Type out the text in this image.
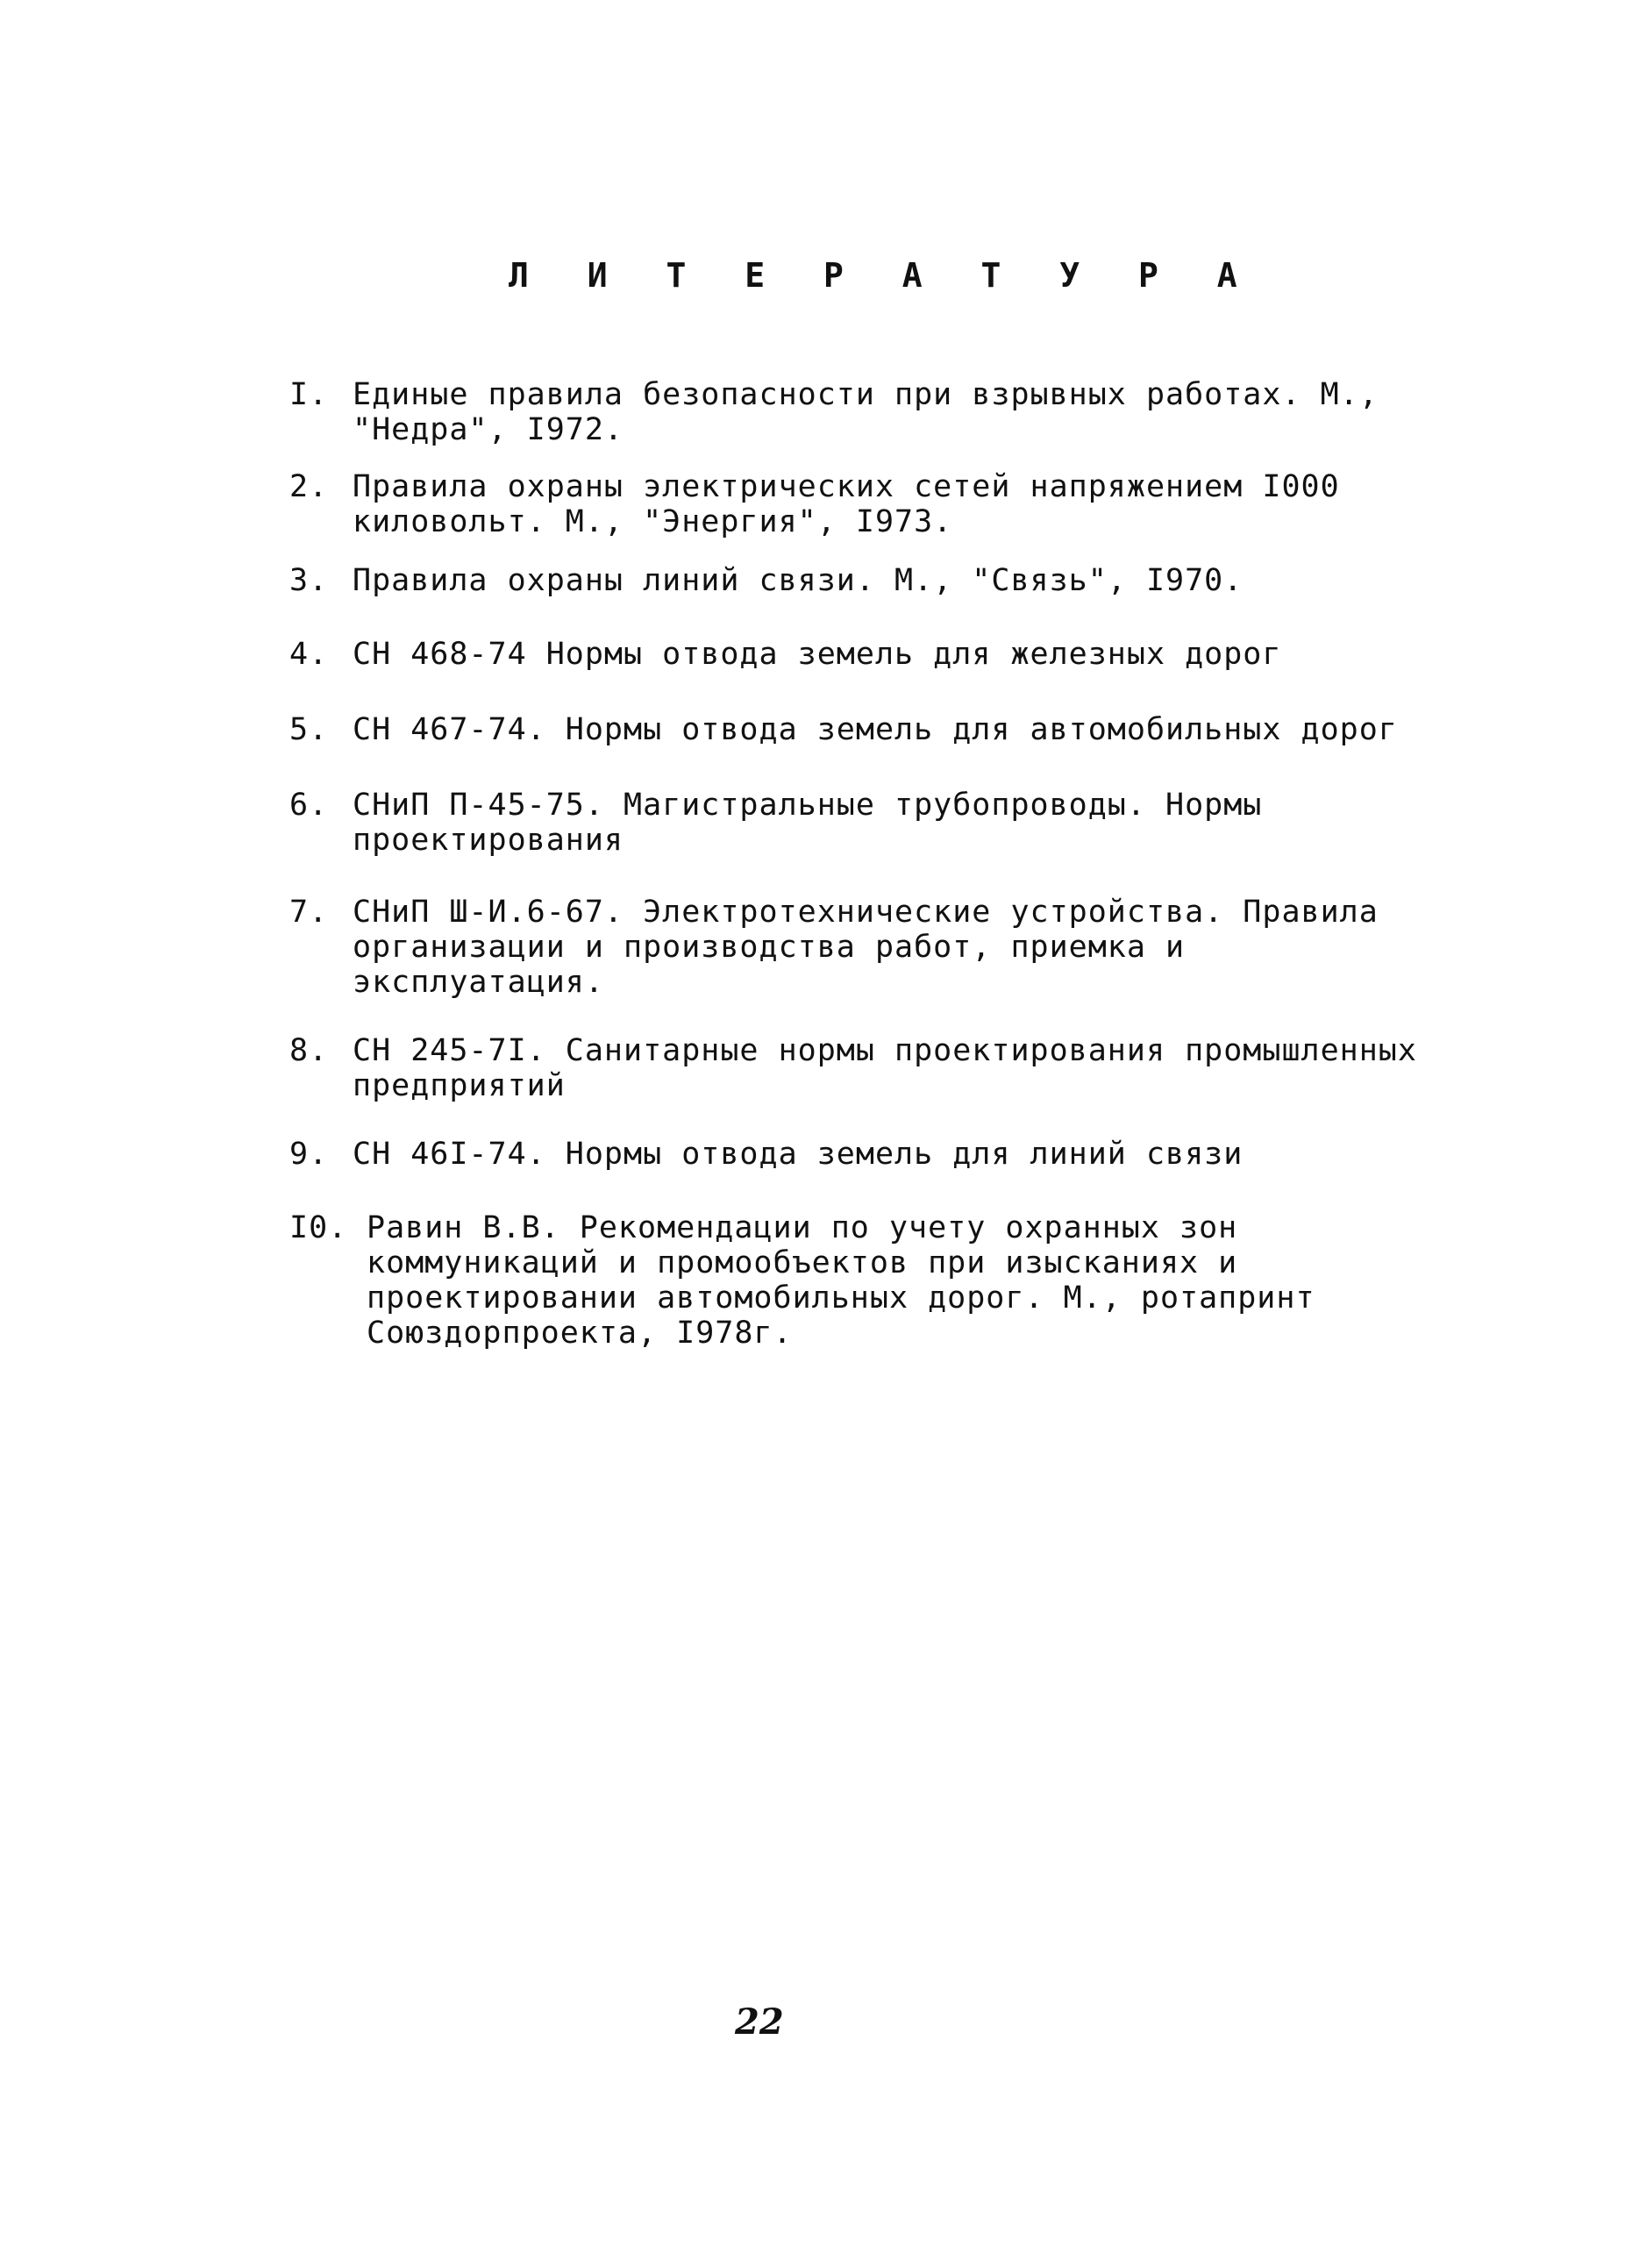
Л И Т Е Р А Т У Р А
I. Единые правила безопасности при взрывных работах. М., "Недра", I972.
2. Правила охраны электрических сетей напряжением I000 киловольт. М., "Энергия", I973.
3. Правила охраны линий связи. М., "Связь", I970.
4. СН 468-74 Нормы отвода земель для железных дорог
5. СН 467-74. Нормы отвода земель для автомобильных дорог
6. СНиП П-45-75. Магистральные трубопроводы. Нормы проектирования
7. СНиП Ш-И.6-67. Электротехнические устройства. Правила организации и производства работ, приемка и эксплуатация.
8. СН 245-7I. Санитарные нормы проектирования промышленных предприятий
9. СН 46I-74. Нормы отвода земель для линий связи
I0. Равин В.В. Рекомендации по учету охранных зон коммуникаций и промообъектов при изысканиях и проектировании автомобильных дорог. М., ротапринт Союздорпроекта, I978г.
22
